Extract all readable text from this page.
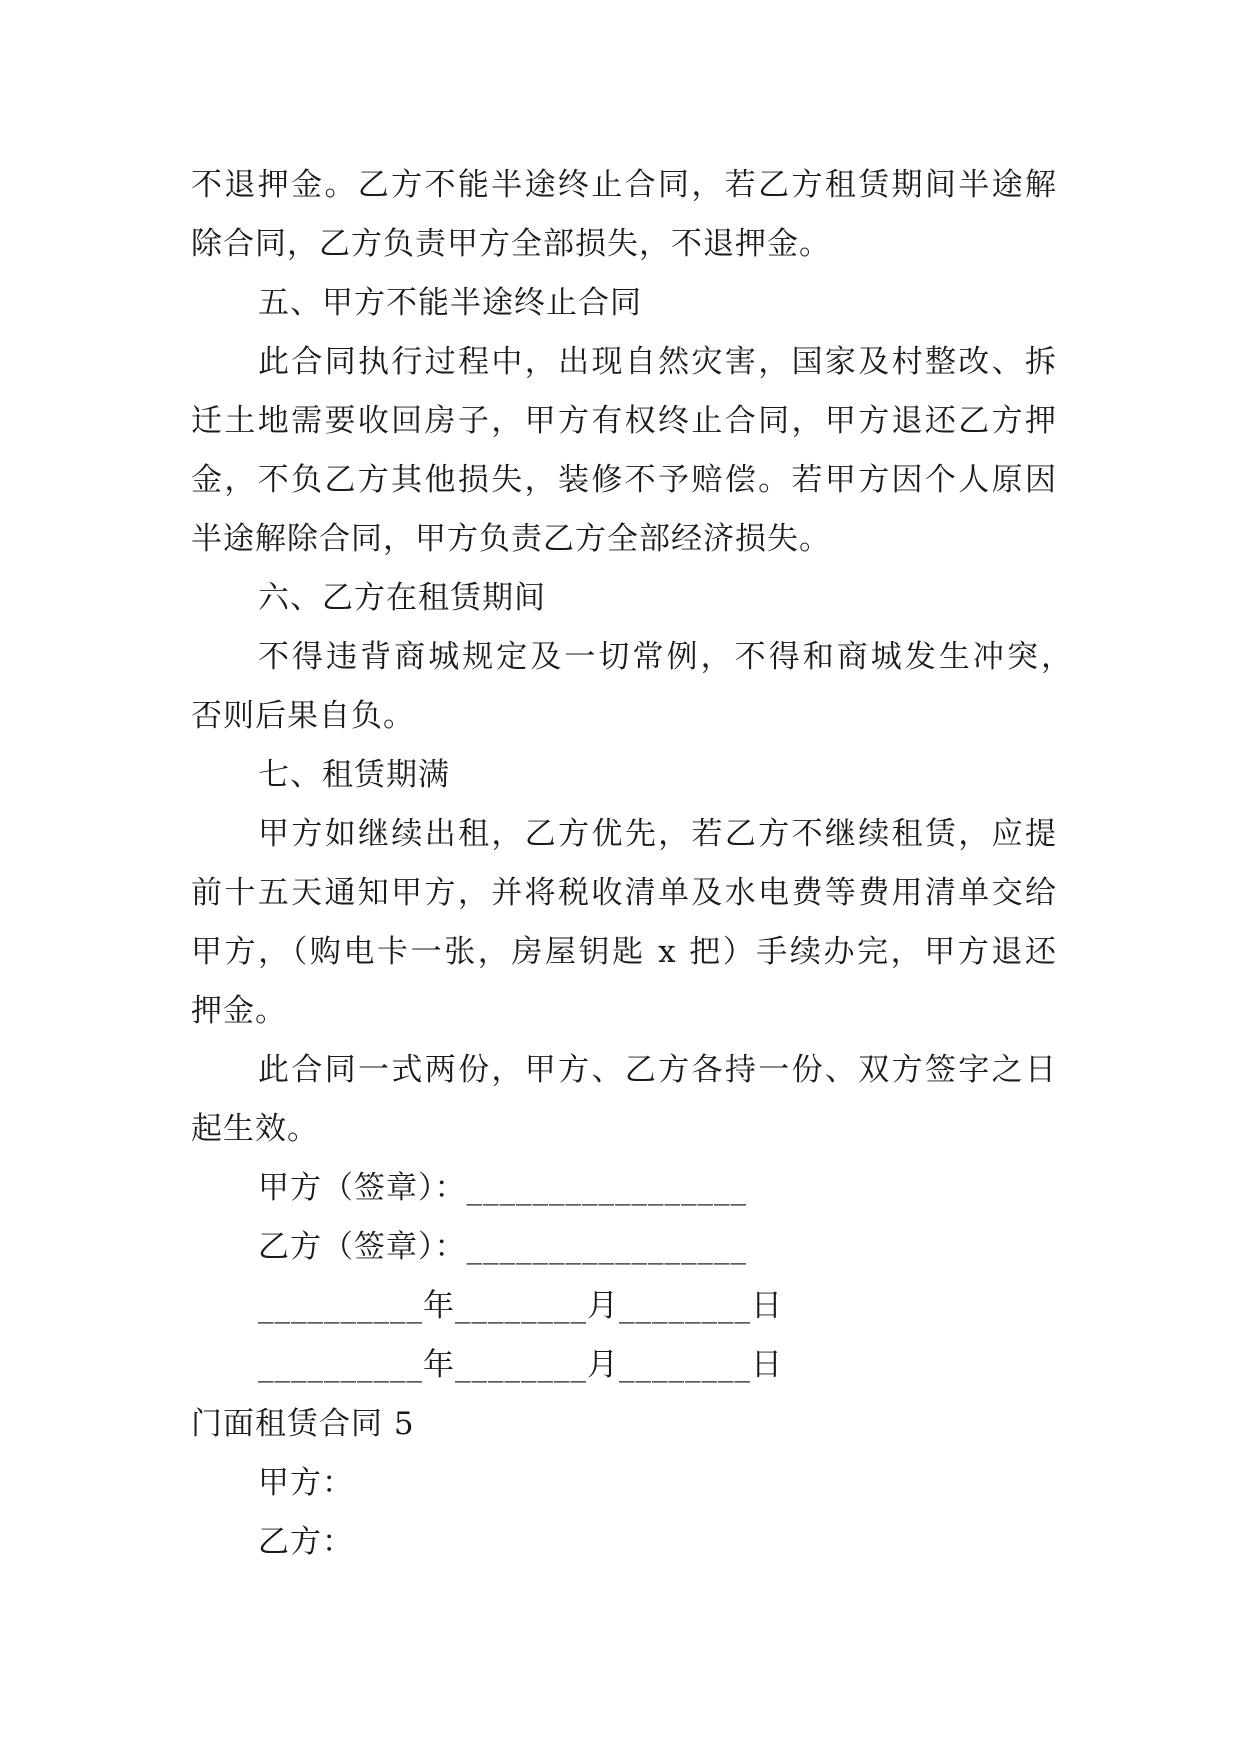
不退押金。乙方不能半途终止合同，若乙方租赁期间半途解
除合同，乙方负责甲方全部损失，不退押金。
五、甲方不能半途终止合同
此合同执行过程中，出现自然灾害，国家及村整改、拆
迁土地需要收回房子，甲方有权终止合同，甲方退还乙方押
金，不负乙方其他损失，装修不予赔偿。若甲方因个人原因
半途解除合同，甲方负责乙方全部经济损失。
六、乙方在租赁期间
不得违背商城规定及一切常例，不得和商城发生冲突，
否则后果自负。
七、租赁期满
甲方如继续出租，乙方优先，若乙方不继续租赁，应提
前十五天通知甲方，并将税收清单及水电费等费用清单交给
甲方，（购电卡一张，房屋钥匙 x 把）手续办完，甲方退还
押金。
此合同一式两份，甲方、乙方各持一份、双方签字之日
起生效。
甲方（签章）：_________________
乙方（签章）：_________________
__________年________月________日
__________年________月________日
门面租赁合同 5
甲方：
乙方：
